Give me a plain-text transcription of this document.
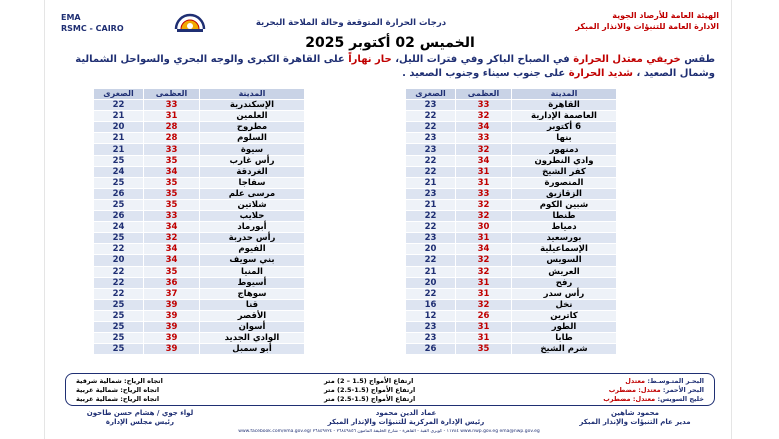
EMA
RSMC - CAIRO
درجات الحرارة المتوقعة وحالة الملاحة البحرية
الهيئة العامة للأرصاد الجوية
الادارة العامة للتنبؤات والانذار المبكر
الخميس 02 أكتوبر 2025
طقس خريفي معتدل الحرارة في الصباح الباكر وفي فترات الليل، حار نهاراً على القاهرة الكبرى والوجه البحري والسواحل الشمالية وشمال الصعيد ، شديد الحرارة على جنوب سيناء وجنوب الصعيد .
المدينة	العظمى	الصغرى
القاهرة	33	23
العاصمة الإدارية	32	22
6 أكتوبر	34	22
بنها	33	23
دمنهور	32	23
وادي النطرون	34	22
كفر الشيخ	31	22
المنصورة	31	21
الزقازيق	33	23
شبين الكوم	32	21
طنطا	32	22
دمياط	30	22
بورسعيد	31	23
الإسماعيلية	34	20
السويس	32	22
العريش	32	21
رفح	31	20
رأس سدر	31	22
نخل	32	16
كاترين	26	12
الطور	31	23
طابا	31	23
شرم الشيخ	35	26
المدينة	العظمى	الصغرى
الإسكندرية	33	22
العلمين	31	21
مطروح	28	20
السلوم	28	21
سيوة	33	21
رأس غارب	35	25
الغردقة	34	24
سفاجا	35	25
مرسى علم	35	26
شلاتين	35	25
حلايب	33	26
أبورماد	34	24
رأس حدربة	32	25
الفيوم	34	22
بني سويف	34	20
المنيا	35	22
أسيوط	36	22
سوهاج	37	22
قنا	39	25
الأقصر	39	25
أسوان	39	25
الوادي الجديد	39	25
أبو سمبل	39	25
البحـر المتـوسـط: معتدل
ارتفاع الأمواج (1.5 – 2) متر
اتجاه الرياح: شمالية شرقية
البحر الأحمر: معتدل: مضطرب
ارتفاع الأمواج (1.5-2.5) متر
اتجاه الرياح: شمالية غربية
خليج السويس: معتدل: مضطرب
ارتفاع الأمواج (1.5-2.5) متر
اتجاه الرياح: شمالية غربية
محمود شاهين
مدير عام التنبؤات والإنذار المبكر
عماد الدين محمود
رئيس الإدارة المركزية للتنبؤات والإنذار المبكر
لواء جوي / هشام حسن طاحون
رئيس مجلس الإدارة
www.facebook.com/ema.gov.eg/ ١١٧٨٤ - كوبري القبة - القاهرة - شارع الخليفة المأمون ٢٦٨٤٩٨٥٦ - ٢٦٨٤٩٧٢٤ www.nwp.gov.eg ema@nwp.gov.eg
